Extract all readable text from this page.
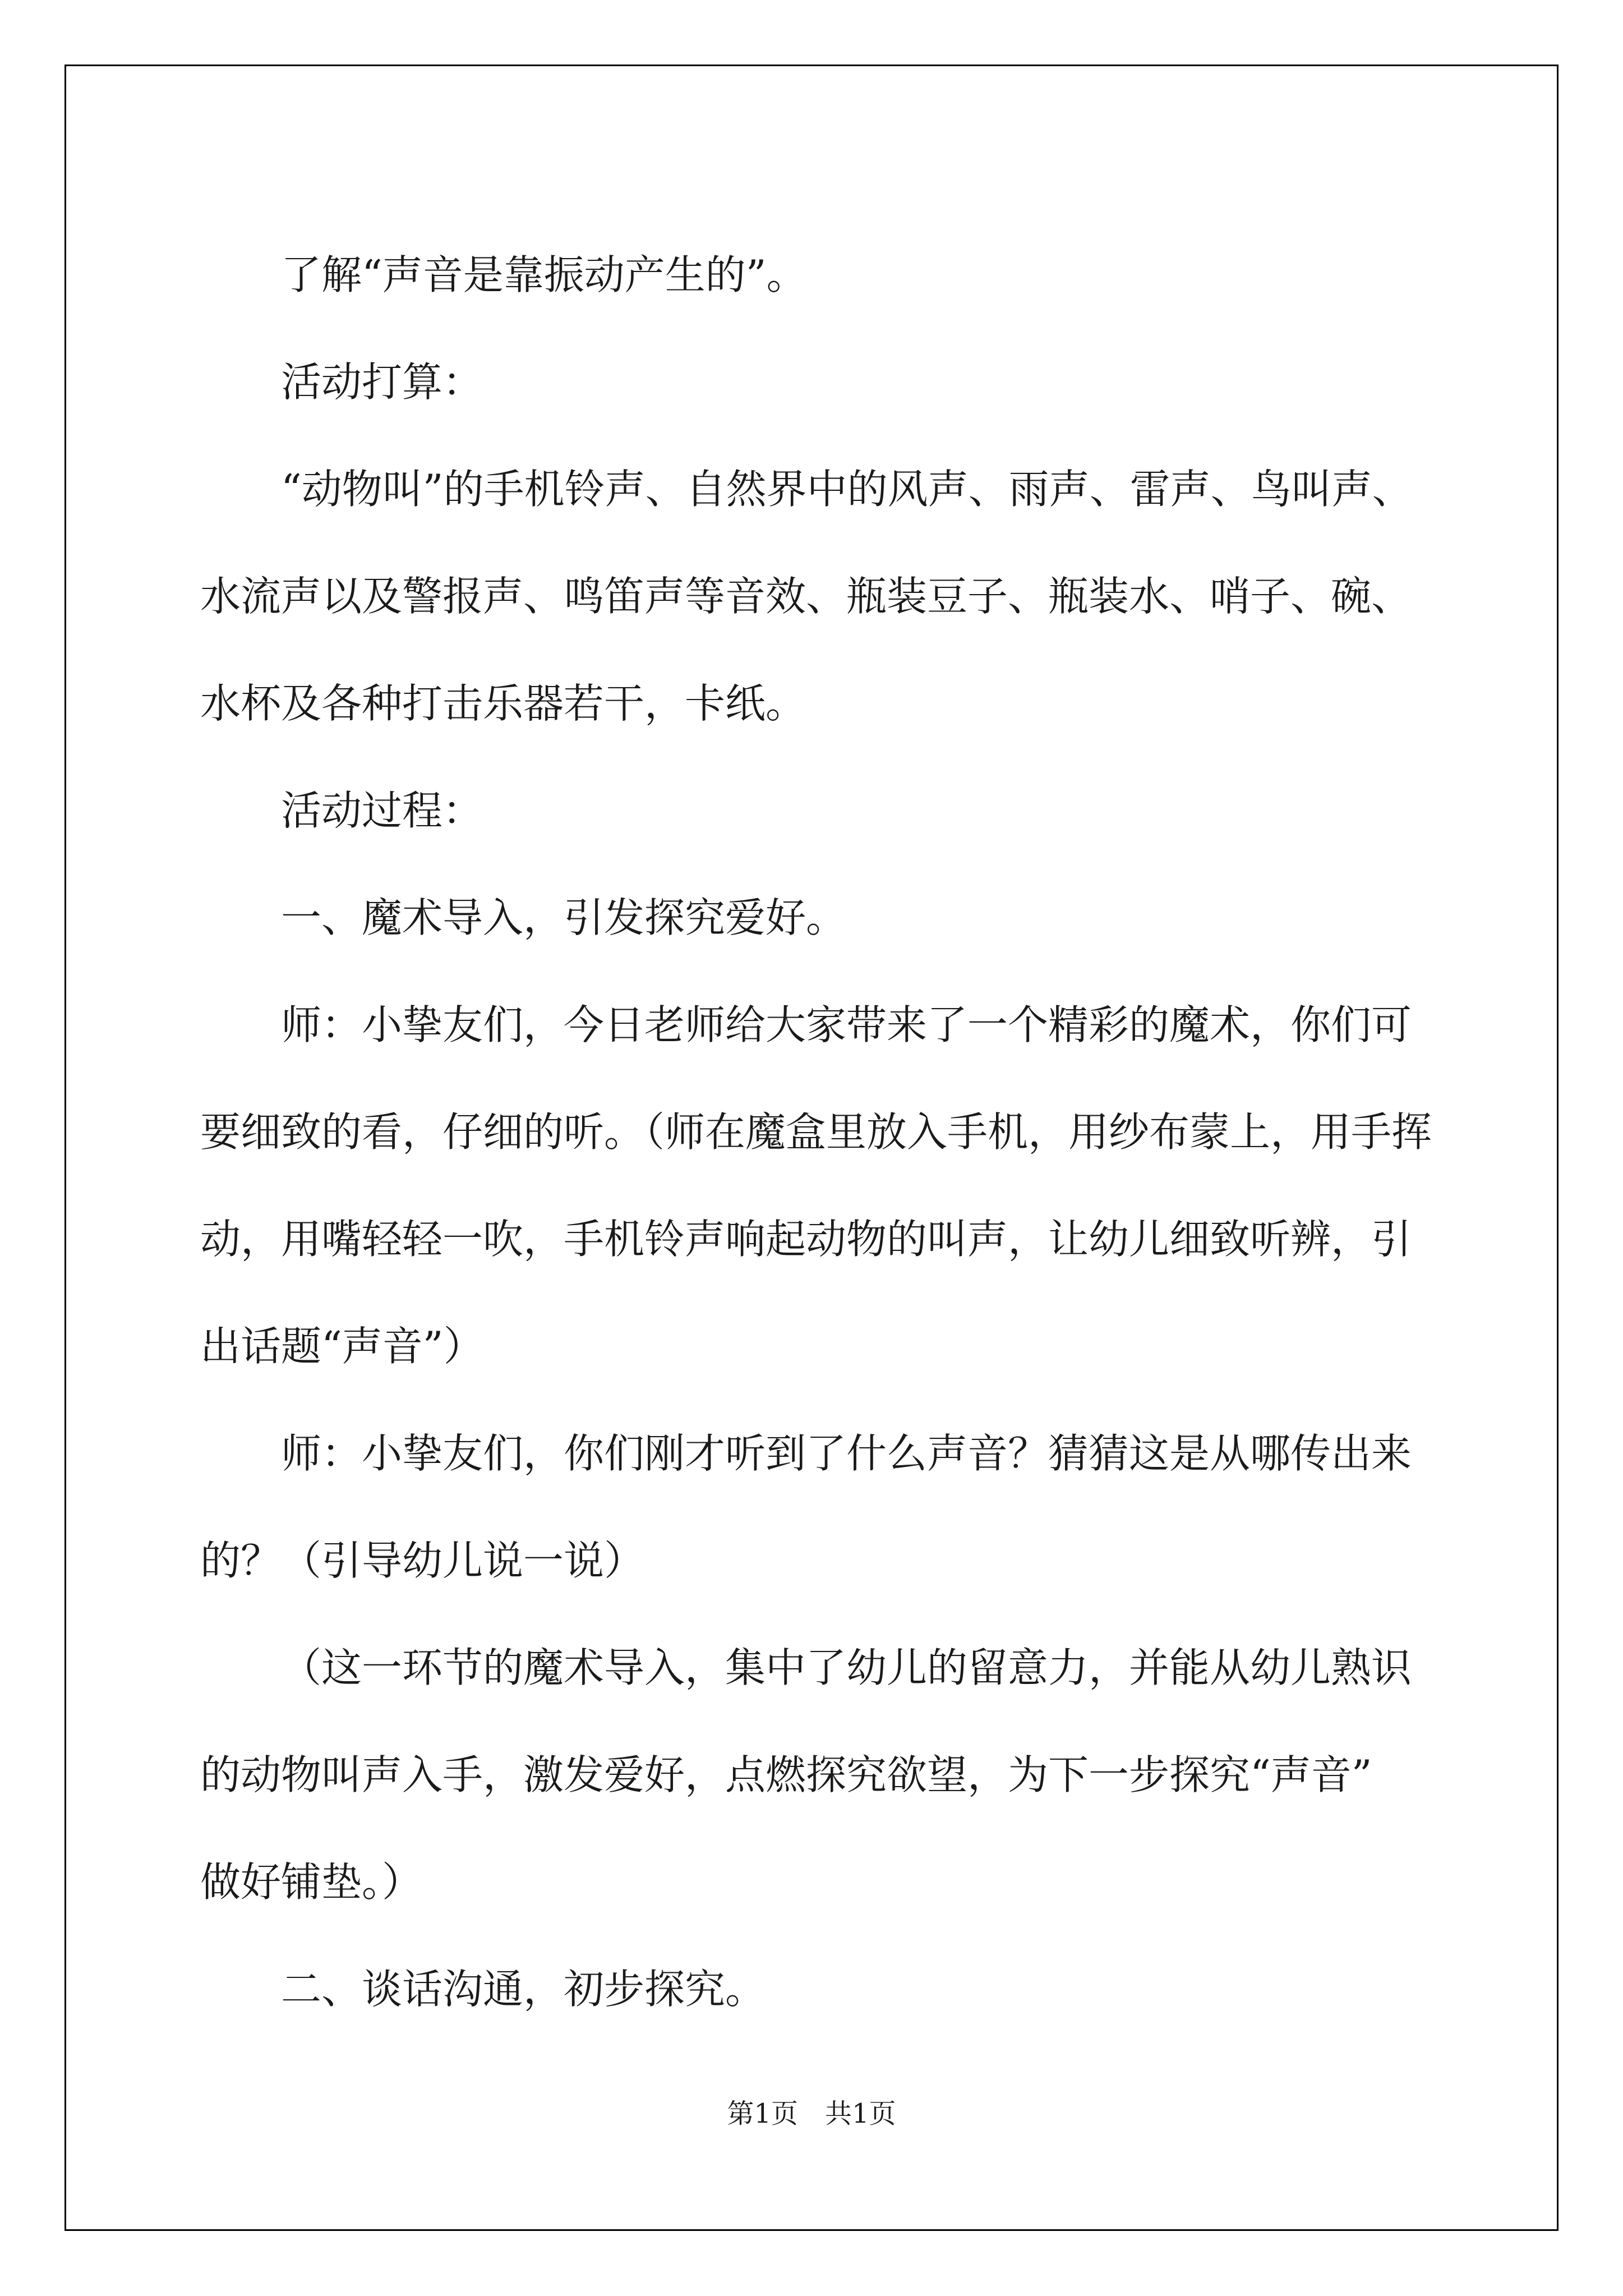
了解“声音是靠振动产生的”。

活动打算：

“动物叫”的手机铃声、自然界中的风声、雨声、雷声、鸟叫声、

水流声以及警报声、鸣笛声等音效、瓶装豆子、瓶装水、哨子、碗、

水杯及各种打击乐器若干，卡纸。

活动过程：

一、魔术导入，引发探究爱好。

师：小挚友们，今日老师给大家带来了一个精彩的魔术，你们可

要细致的看，仔细的听。（师在魔盒里放入手机，用纱布蒙上，用手挥

动，用嘴轻轻一吹，手机铃声响起动物的叫声，让幼儿细致听辨，引

出话题“声音”）

师：小挚友们，你们刚才听到了什么声音？猜猜这是从哪传出来

的？（引导幼儿说一说）

（这一环节的魔术导入，集中了幼儿的留意力，并能从幼儿熟识

的动物叫声入手，激发爱好，点燃探究欲望，为下一步探究“声音”

做好铺垫。）

二、谈话沟通，初步探究。

第1页　共1页
